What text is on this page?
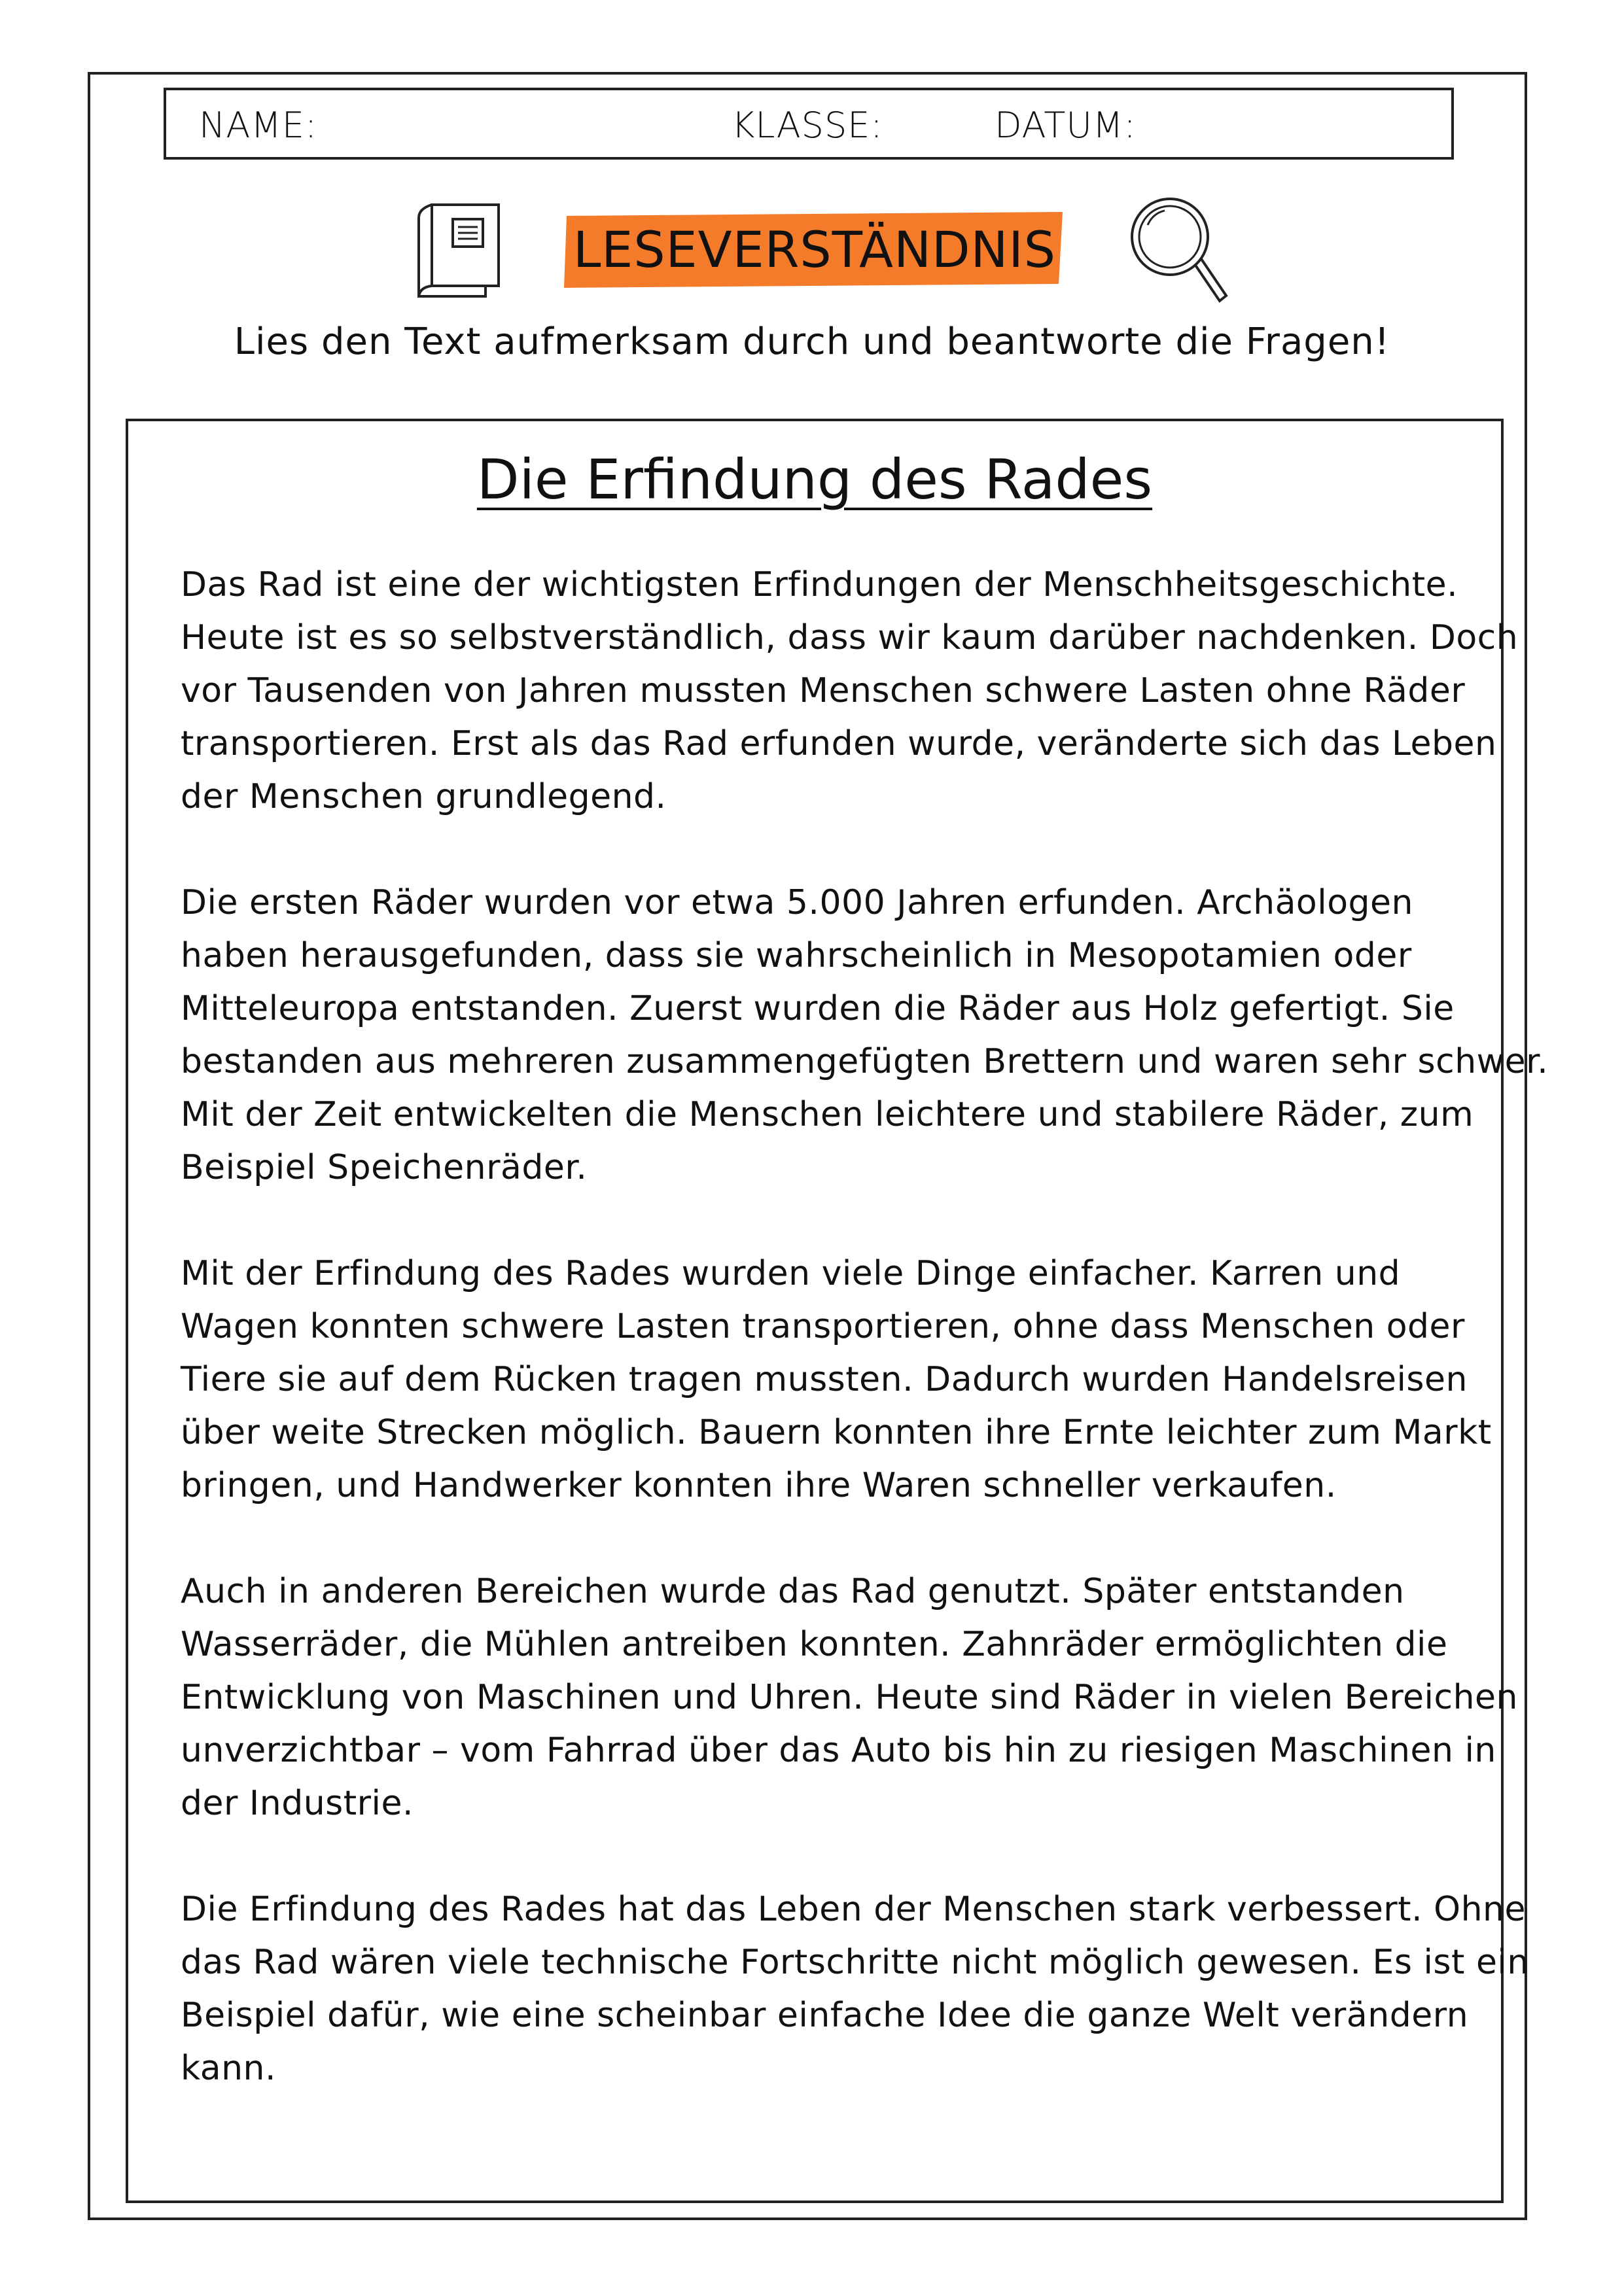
NAME:	KLASSE:	DATUM:
LESEVERSTÄNDNIS
Lies den Text aufmerksam durch und beantworte die Fragen!
Die Erfindung des Rades

Das Rad ist eine der wichtigsten Erfindungen der Menschheitsgeschichte.
Heute ist es so selbstverständlich, dass wir kaum darüber nachdenken. Doch
vor Tausenden von Jahren mussten Menschen schwere Lasten ohne Räder
transportieren. Erst als das Rad erfunden wurde, veränderte sich das Leben
der Menschen grundlegend.

Die ersten Räder wurden vor etwa 5.000 Jahren erfunden. Archäologen
haben herausgefunden, dass sie wahrscheinlich in Mesopotamien oder
Mitteleuropa entstanden. Zuerst wurden die Räder aus Holz gefertigt. Sie
bestanden aus mehreren zusammengefügten Brettern und waren sehr schwer.
Mit der Zeit entwickelten die Menschen leichtere und stabilere Räder, zum
Beispiel Speichenräder.

Mit der Erfindung des Rades wurden viele Dinge einfacher. Karren und
Wagen konnten schwere Lasten transportieren, ohne dass Menschen oder
Tiere sie auf dem Rücken tragen mussten. Dadurch wurden Handelsreisen
über weite Strecken möglich. Bauern konnten ihre Ernte leichter zum Markt
bringen, und Handwerker konnten ihre Waren schneller verkaufen.

Auch in anderen Bereichen wurde das Rad genutzt. Später entstanden
Wasserräder, die Mühlen antreiben konnten. Zahnräder ermöglichten die
Entwicklung von Maschinen und Uhren. Heute sind Räder in vielen Bereichen
unverzichtbar – vom Fahrrad über das Auto bis hin zu riesigen Maschinen in
der Industrie.

Die Erfindung des Rades hat das Leben der Menschen stark verbessert. Ohne
das Rad wären viele technische Fortschritte nicht möglich gewesen. Es ist ein
Beispiel dafür, wie eine scheinbar einfache Idee die ganze Welt verändern
kann.
